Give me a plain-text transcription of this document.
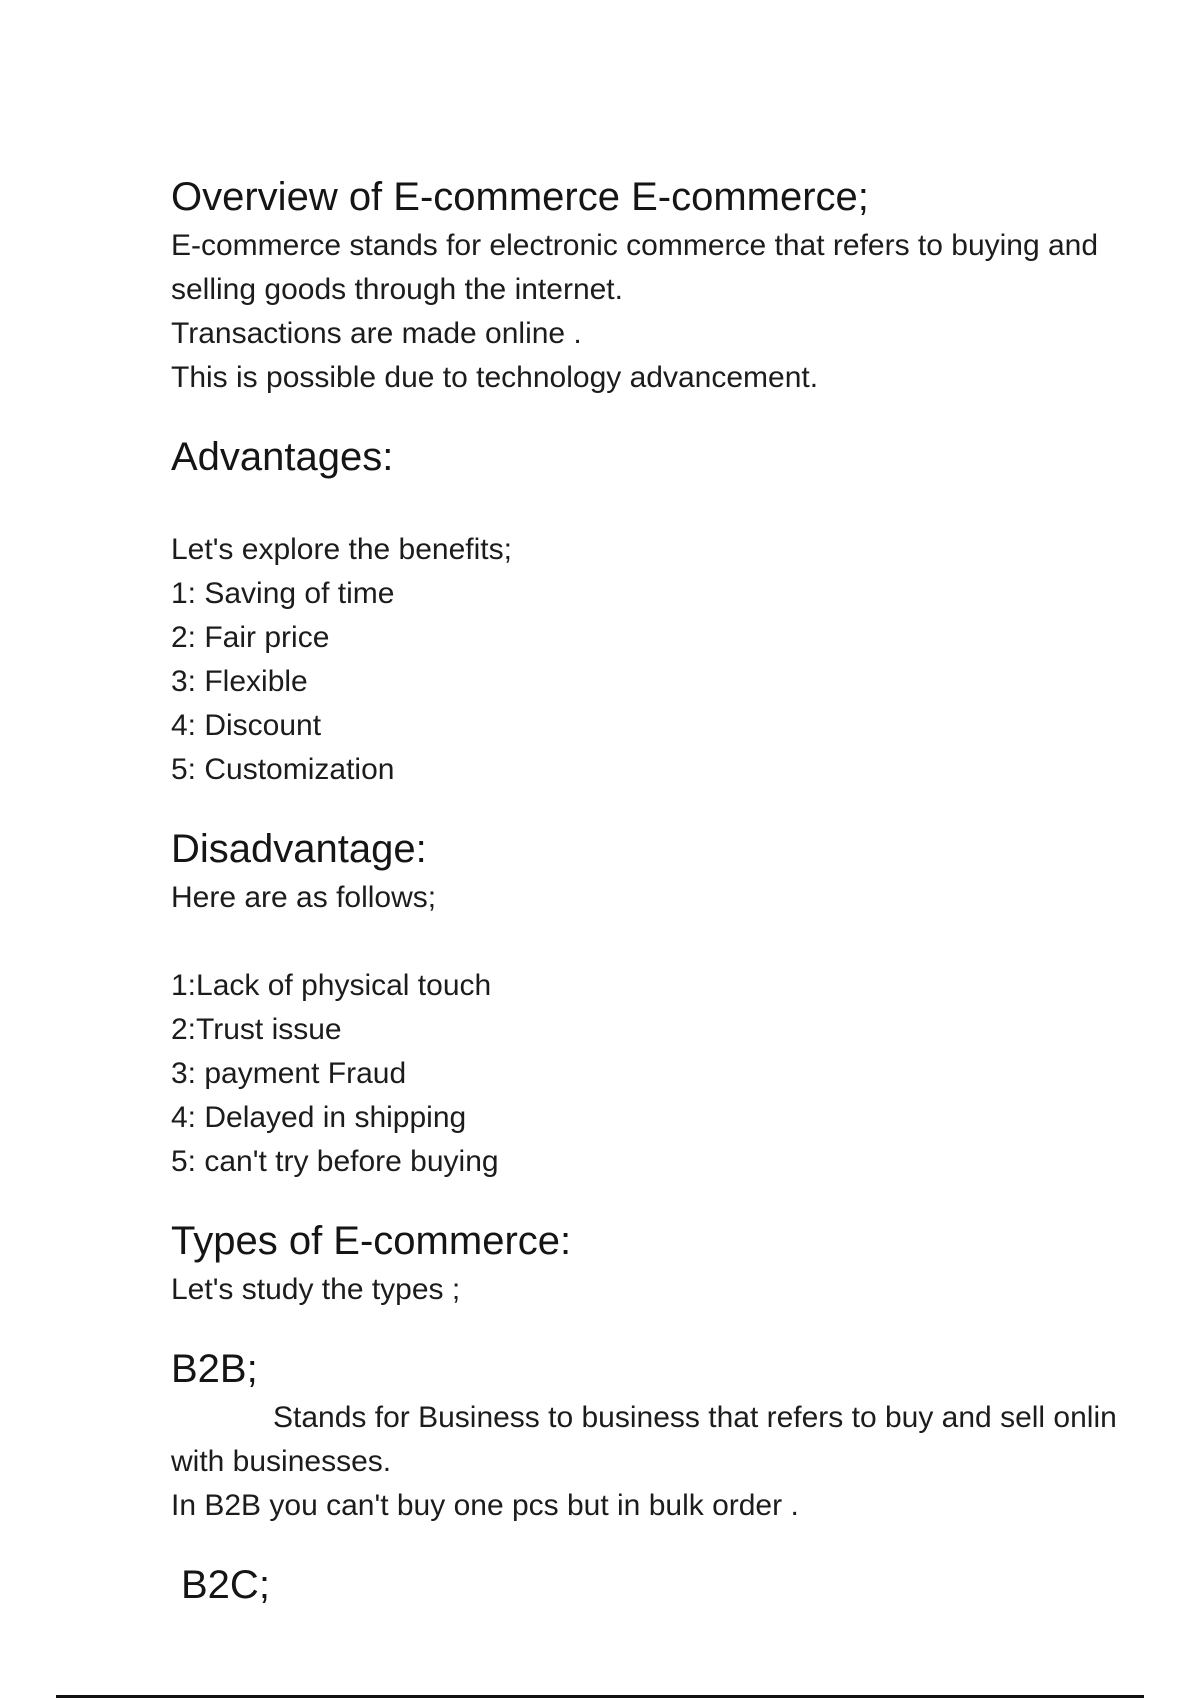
Overview of E-commerce E-commerce;
E-commerce stands for electronic commerce that refers to buying and
selling goods through the internet.
Transactions are made online .
This is possible due to technology advancement.
Advantages:
Let's explore the benefits;
1: Saving of time
2: Fair price
3: Flexible
4: Discount
5: Customization
Disadvantage:
Here are as follows;
1:Lack of physical touch
2:Trust issue
3: payment Fraud
4: Delayed in shipping
5: can't try before buying
Types of E-commerce:
Let's study the types ;
B2B;
Stands for Business to business that refers to buy and sell onlin
with businesses.
In B2B you can't buy one pcs but in bulk order .
B2C;
